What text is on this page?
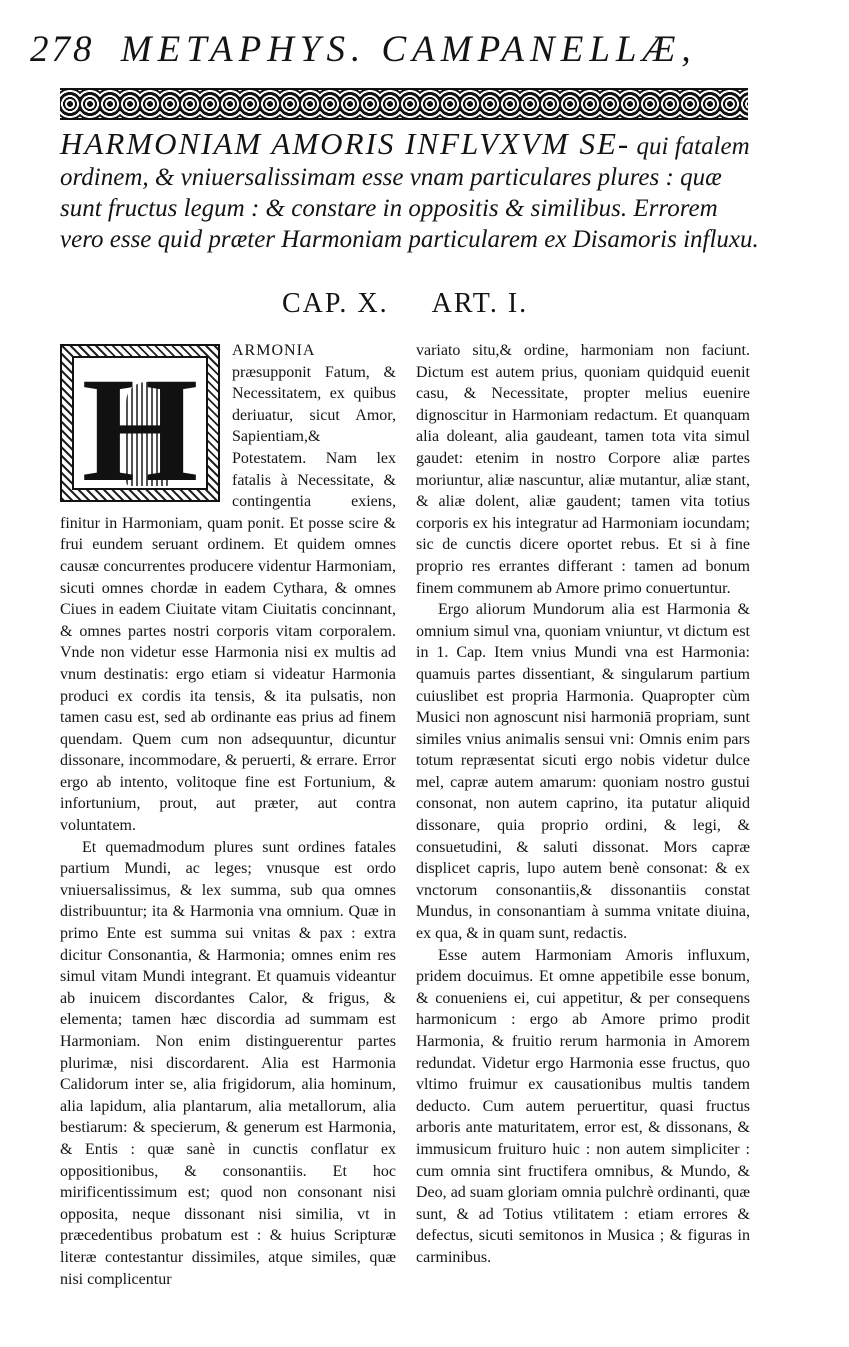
278 METAPHYS. CAMPANELLÆ,
HARMONIAM AMORIS INFLVXVM SE- qui fatalem ordinem, & vniuersalissimam esse vnam particulares plures : quæ sunt fructus legum : & constare in oppositis & similibus. Errorem vero esse quid præter Harmoniam particularem ex Disamoris influxu.
CAP. X. ART. I.
H	ARMONIA præsupponit Fatum, & Necessitatem, ex quibus deriuatur, sicut Amor, Sapientiam,& Potestatem. Nam lex fatalis à Necessitate, & contingentia exiens, finitur in Harmoniam, quam ponit. Et posse scire & frui eundem seruant ordinem. Et quidem omnes causæ concurrentes producere videntur Harmoniam, sicuti omnes chordæ in eadem Cythara, & omnes Ciues in eadem Ciuitate vitam Ciuitatis concinnant, & omnes partes nostri corporis vitam corporalem. Vnde non videtur esse Harmonia nisi ex multis ad vnum destinatis: ergo etiam si videatur Harmonia produci ex cordis ita tensis, & ita pulsatis, non tamen casu est, sed ab ordinante eas prius ad finem quendam. Quem cum non adsequuntur, dicuntur dissonare, incommodare, & peruerti, & errare. Error ergo ab intento, volitoque fine est Fortunium, & infortunium, prout, aut præter, aut contra voluntatem.

Et quemadmodum plures sunt ordines fatales partium Mundi, ac leges; vnusque est ordo vniuersalissimus, & lex summa, sub qua omnes distribuuntur; ita & Harmonia vna omnium. Quæ in primo Ente est summa sui vnitas & pax : extra dicitur Consonantia, & Harmonia; omnes enim res simul vitam Mundi integrant. Et quamuis videantur ab inuicem discordantes Calor, & frigus, & elementa; tamen hæc discordia ad summam est Harmoniam. Non enim distinguerentur partes plurimæ, nisi discordarent. Alia est Harmonia Calidorum inter se, alia frigidorum, alia hominum, alia lapidum, alia plantarum, alia metallorum, alia bestiarum: & specierum, & generum est Harmonia, & Entis : quæ sanè in cunctis conflatur ex oppositionibus, & consonantiis. Et hoc mirificentissimum est; quod non consonant nisi opposita, neque dissonant nisi similia, vt in præcedentibus probatum est : & huius Scripturæ literæ contestantur dissimiles, atque similes, quæ nisi complicentur

variato situ,& ordine, harmoniam non faciunt. Dictum est autem prius, quoniam quidquid euenit casu, & Necessitate, propter melius euenire dignoscitur in Harmoniam redactum. Et quanquam alia doleant, alia gaudeant, tamen tota vita simul gaudet: etenim in nostro Corpore aliæ partes moriuntur, aliæ nascuntur, aliæ mutantur, aliæ stant, & aliæ dolent, aliæ gaudent; tamen vita totius corporis ex his integratur ad Harmoniam iocundam; sic de cunctis dicere oportet rebus. Et si à fine proprio res errantes differant : tamen ad bonum finem communem ab Amore primo conuertuntur.

Ergo aliorum Mundorum alia est Harmonia & omnium simul vna, quoniam vniuntur, vt dictum est in 1. Cap. Item vnius Mundi vna est Harmonia: quamuis partes dissentiant, & singularum partium cuiuslibet est propria Harmonia. Quapropter cùm Musici non agnoscunt nisi harmoniā propriam, sunt similes vnius animalis sensui vni: Omnis enim pars totum repræsentat sicuti ergo nobis videtur dulce mel, capræ autem amarum: quoniam nostro gustui consonat, non autem caprino, ita putatur aliquid dissonare, quia proprio ordini, & legi, & consuetudini, & saluti dissonat. Mors capræ displicet capris, lupo autem benè consonat: & ex vnctorum consonantiis,& dissonantiis constat Mundus, in consonantiam à summa vnitate diuina, ex qua, & in quam sunt, redactis.

Esse autem Harmoniam Amoris influxum, pridem docuimus. Et omne appetibile esse bonum, & conueniens ei, cui appetitur, & per consequens harmonicum : ergo ab Amore primo prodit Harmonia, & fruitio rerum harmonia in Amorem redundat. Videtur ergo Harmonia esse fructus, quo vltimo fruimur ex causationibus multis tandem deducto. Cum autem peruertitur, quasi fructus arboris ante maturitatem, error est, & dissonans, & immusicum fruituro huic : non autem simpliciter : cum omnia sint fructifera omnibus, & Mundo, & Deo, ad suam gloriam omnia pulchrè ordinanti, quæ sunt, & ad Totius vtilitatem : etiam errores & defectus, sicuti semitonos in Musica ; & figuras in carminibus.
